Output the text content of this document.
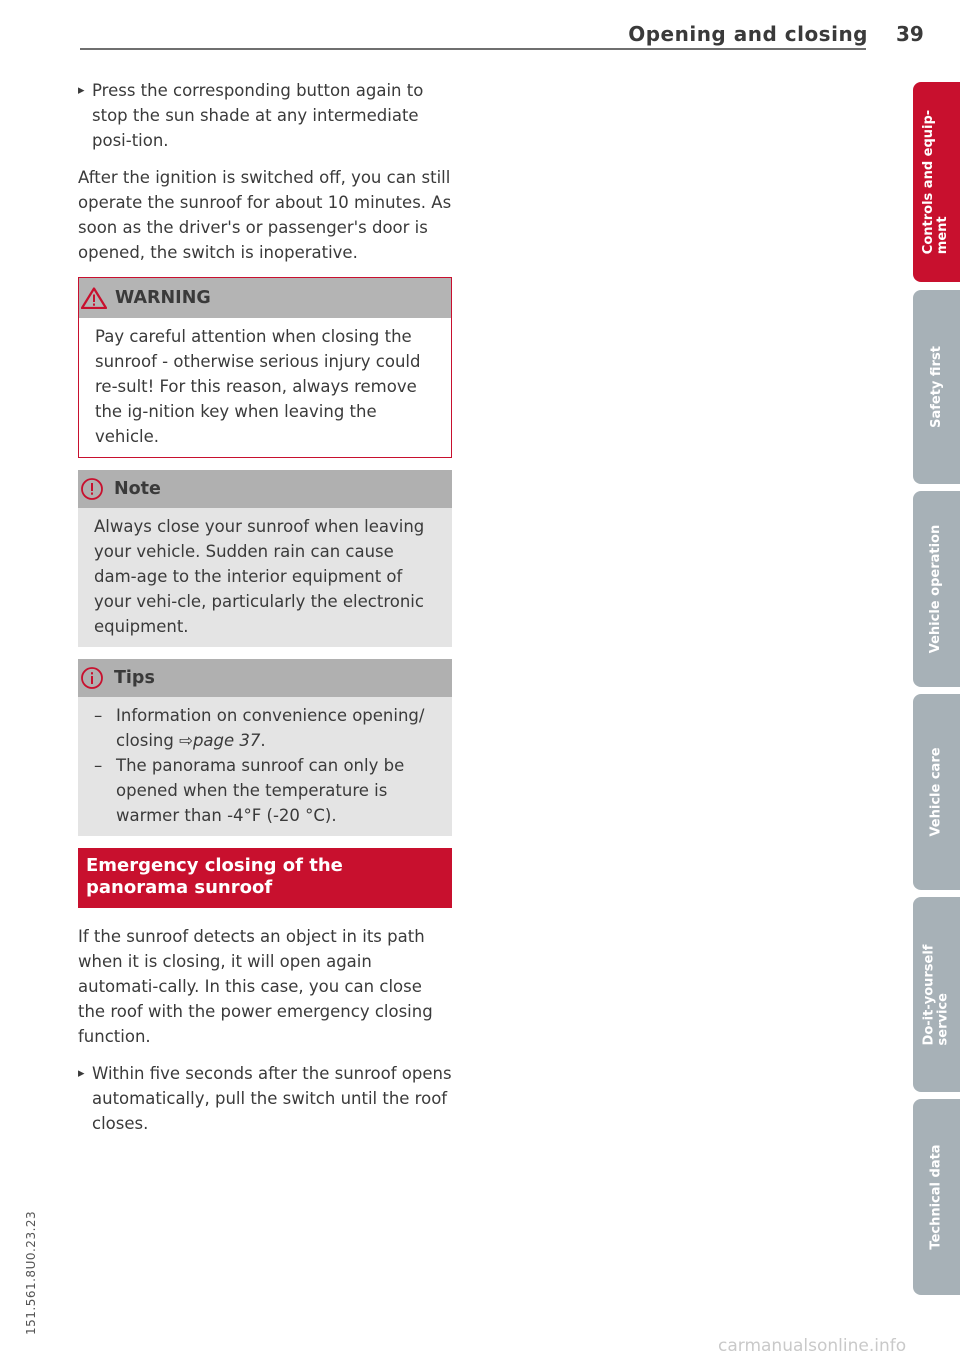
Opening and closing 39

▸ Press the corresponding button again to stop the sun shade at any intermediate posi-tion.

After the ignition is switched off, you can still operate the sunroof for about 10 minutes. As soon as the driver's or passenger's door is opened, the switch is inoperative.

WARNING

Pay careful attention when closing the sunroof - otherwise serious injury could re-sult! For this reason, always remove the ig-nition key when leaving the vehicle.

Note

Always close your sunroof when leaving your vehicle. Sudden rain can cause dam-age to the interior equipment of your vehi-cle, particularly the electronic equipment.

Tips
– Information on convenience opening/ closing ⇨page 37.
– The panorama sunroof can only be opened when the temperature is warmer than -4°F (-20 °C).
Emergency closing of the panorama sunroof

If the sunroof detects an object in its path when it is closing, it will open again automati-cally. In this case, you can close the roof with the power emergency closing function.

▸ Within five seconds after the sunroof opens automatically, pull the switch until the roof closes.

Controls and equip- ment
Safety first
Vehicle operation
Vehicle care
Do-it-yourself service
Technical data
151.561.8U0.23.23
carmanualsonline.info
